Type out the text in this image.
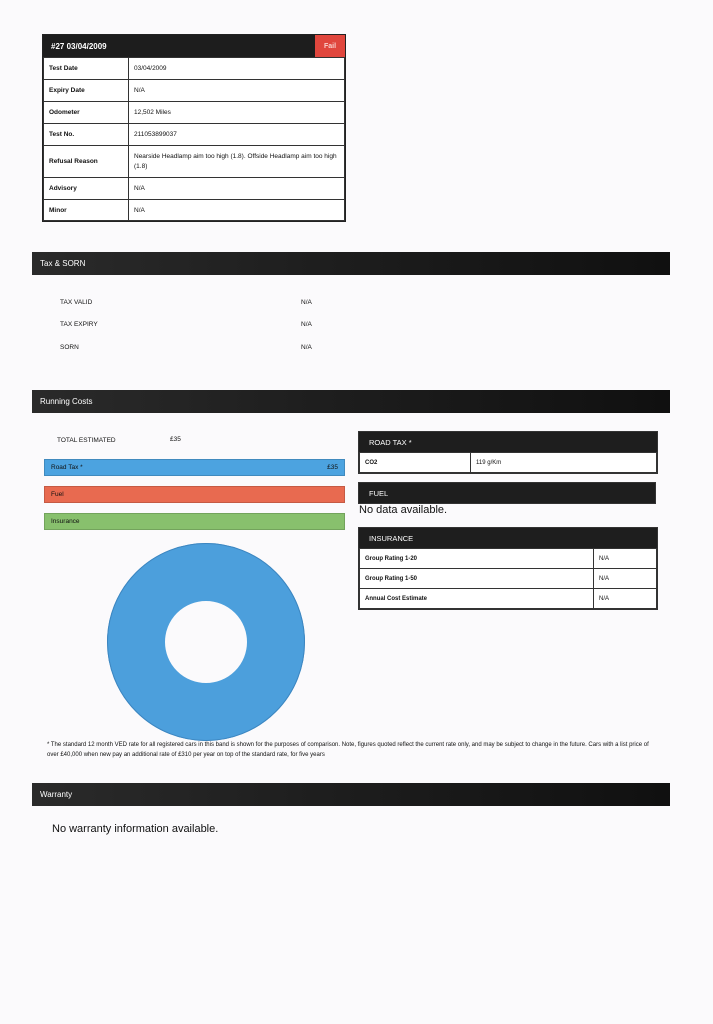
#27 03/04/2009	Fail
Test Date	03/04/2009
Expiry Date	N/A
Odometer	12,502 Miles
Test No.	211053899037
Refusal Reason	Nearside Headlamp aim too high (1.8). Offside Headlamp aim too high (1.8)
Advisory	N/A
Minor	N/A
Tax & SORN
TAX VALID	N/A
TAX EXPIRY	N/A
SORN	N/A
Running Costs
TOTAL ESTIMATED	£35
Road Tax *	£35
Fuel
Insurance
ROAD TAX *
CO2	119 g/Km
FUEL
No data available.
INSURANCE
Group Rating 1-20	N/A
Group Rating 1-50	N/A
Annual Cost Estimate	N/A
* The standard 12 month VED rate for all registered cars in this band is shown for the purposes of comparison. Note, figures quoted reflect the current rate only, and may be subject to change in the future. Cars with a list price of over £40,000 when new pay an additional rate of £310 per year on top of the standard rate, for five years
Warranty
No warranty information available.
